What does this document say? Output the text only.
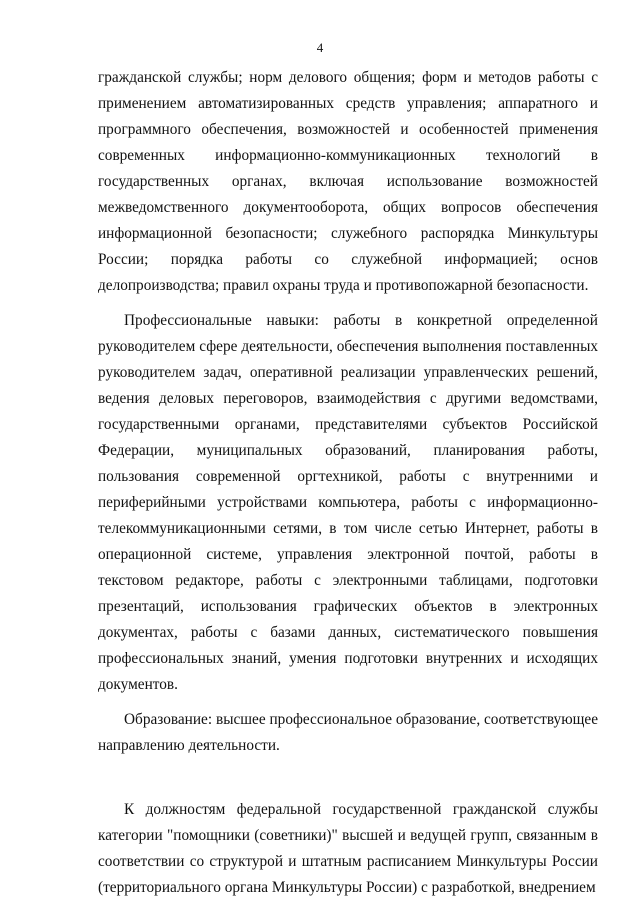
4

гражданской службы; норм делового общения; форм и методов работы с применением автоматизированных средств управления; аппаратного и программного обеспечения, возможностей и особенностей применения современных информационно-коммуникационных технологий в государственных органах, включая использование возможностей межведомственного документооборота, общих вопросов обеспечения информационной безопасности; служебного распорядка Минкультуры России; порядка работы со служебной информацией; основ делопроизводства; правил охраны труда и противопожарной безопасности.

Профессиональные навыки: работы в конкретной определенной руководителем сфере деятельности, обеспечения выполнения поставленных руководителем задач, оперативной реализации управленческих решений, ведения деловых переговоров, взаимодействия с другими ведомствами, государственными органами, представителями субъектов Российской Федерации, муниципальных образований, планирования работы, пользования современной оргтехникой, работы с внутренними и периферийными устройствами компьютера, работы с информационно-телекоммуникационными сетями, в том числе сетью Интернет, работы в операционной системе, управления электронной почтой, работы в текстовом редакторе, работы с электронными таблицами, подготовки презентаций, использования графических объектов в электронных документах, работы с базами данных, систематического повышения профессиональных знаний, умения подготовки внутренних и исходящих документов.

Образование: высшее профессиональное образование, соответствующее направлению деятельности.

К должностям федеральной государственной гражданской службы категории "помощники (советники)" высшей и ведущей групп, связанным в соответствии со структурой и штатным расписанием Минкультуры России (территориального органа Минкультуры России) с разработкой, внедрением
